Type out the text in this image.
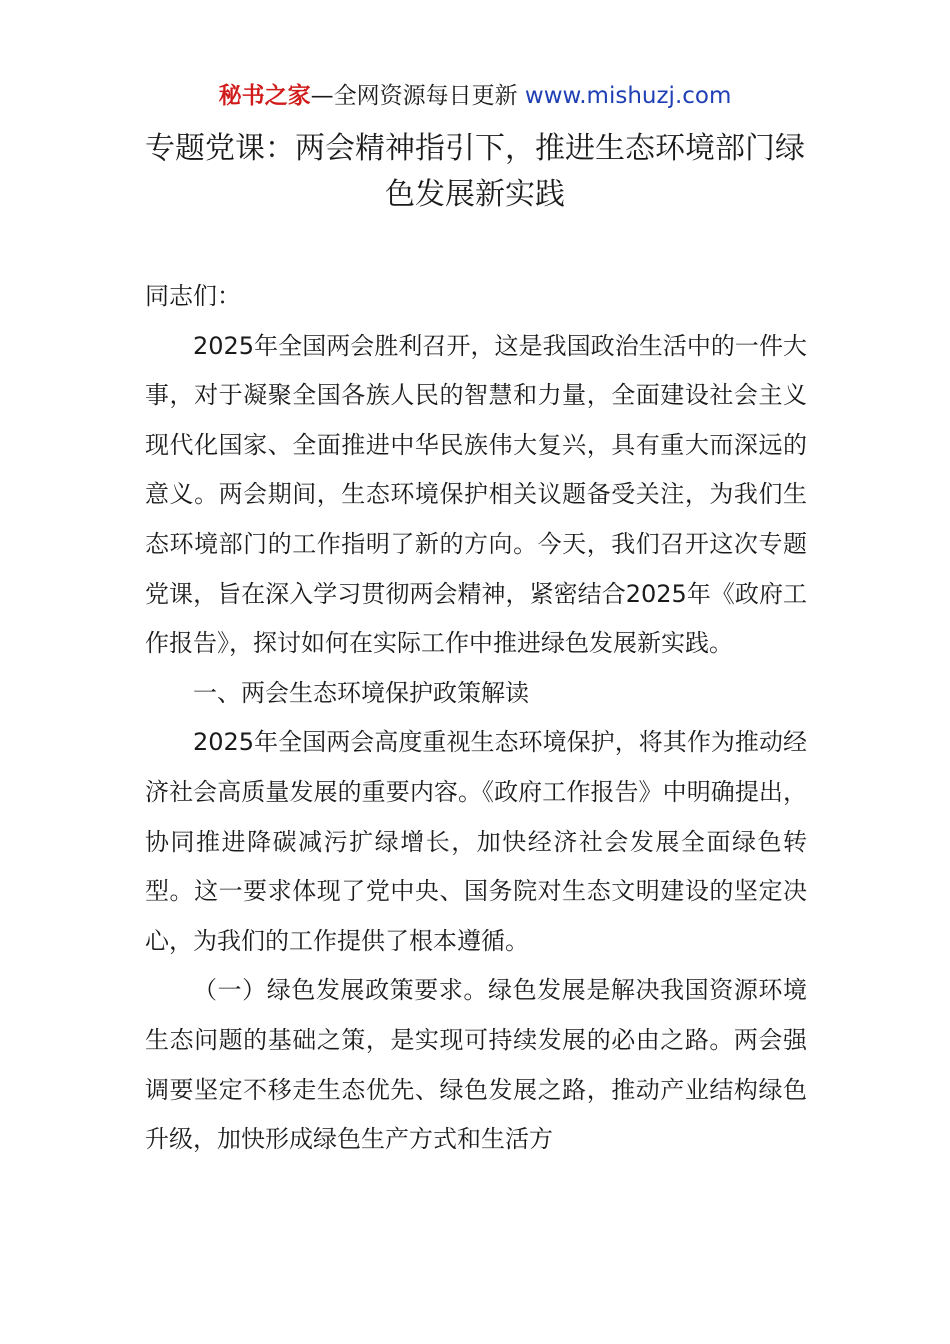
秘书之家—全网资源每日更新 www.mishuzj.com
专题党课：两会精神指引下，推进生态环境部门绿色发展新实践

同志们：

2025年全国两会胜利召开，这是我国政治生活中的一件大事，对于凝聚全国各族人民的智慧和力量，全面建设社会主义现代化国家、全面推进中华民族伟大复兴，具有重大而深远的意义。两会期间，生态环境保护相关议题备受关注，为我们生态环境部门的工作指明了新的方向。今天，我们召开这次专题党课，旨在深入学习贯彻两会精神，紧密结合2025年《政府工作报告》，探讨如何在实际工作中推进绿色发展新实践。

一、两会生态环境保护政策解读

2025年全国两会高度重视生态环境保护，将其作为推动经济社会高质量发展的重要内容。《政府工作报告》中明确提出，协同推进降碳减污扩绿增长，加快经济社会发展全面绿色转型。这一要求体现了党中央、国务院对生态文明建设的坚定决心，为我们的工作提供了根本遵循。

（一）绿色发展政策要求。绿色发展是解决我国资源环境生态问题的基础之策，是实现可持续发展的必由之路。两会强调要坚定不移走生态优先、绿色发展之路，推动产业结构绿色升级，加快形成绿色生产方式和生活方
